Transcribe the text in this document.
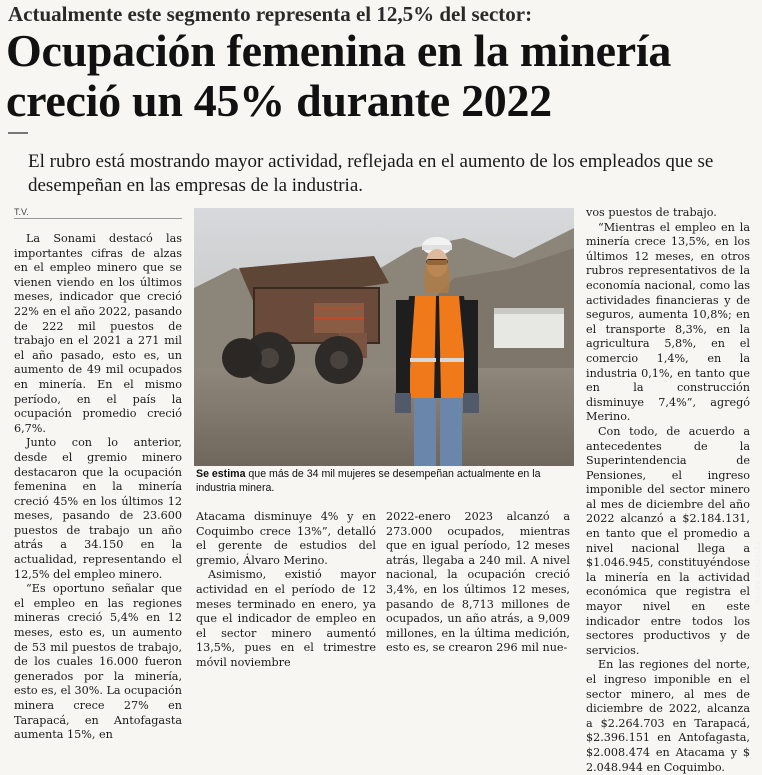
Actualmente este segmento representa el 12,5% del sector:
Ocupación femenina en la minería creció un 45% durante 2022

El rubro está mostrando mayor actividad, reflejada en el aumento de los empleados que se desempeñan en las empresas de la industria.

T.V.

La Sonami destacó las importantes cifras de alzas en el empleo minero que se vienen viendo en los últimos meses, indicador que creció 22% en el año 2022, pasando de 222 mil puestos de trabajo en el 2021 a 271 mil el año pasado, esto es, un aumento de 49 mil ocupados en minería. En el mismo período, en el país la ocupación promedio creció 6,7%.

Junto con lo anterior, desde el gremio minero destacaron que la ocupación femenina en la minería creció 45% en los últimos 12 meses, pasando de 23.600 puestos de trabajo un año atrás a 34.150 en la actualidad, representando el 12,5% del empleo minero.

“Es oportuno señalar que el empleo en las regiones mineras creció 5,4% en 12 meses, esto es, un aumento de 53 mil puestos de trabajo, de los cuales 16.000 fueron generados por la minería, esto es, el 30%. La ocupación minera crece 27% en Tarapacá, en Antofagasta aumenta 15%, en

FELIPE GONZÁLEZ

Se estima que más de 34 mil mujeres se desempeñan actualmente en la industria minera.

Atacama disminuye 4% y en Coquimbo crece 13%”, detalló el gerente de estudios del gremio, Álvaro Merino.

Asimismo, existió mayor actividad en el período de 12 meses terminado en enero, ya que el indicador de empleo en el sector minero aumentó 13,5%, pues en el trimestre móvil noviembre

2022-enero 2023 alcanzó a 273.000 ocupados, mientras que en igual período, 12 meses atrás, llegaba a 240 mil. A nivel nacional, la ocupación creció 3,4%, en los últimos 12 meses, pasando de 8,713 millones de ocupados, un año atrás, a 9,009 millones, en la última medición, esto es, se crearon 296 mil nue-

vos puestos de trabajo.

“Mientras el empleo en la minería crece 13,5%, en los últimos 12 meses, en otros rubros representativos de la economía nacional, como las actividades financieras y de seguros, aumenta 10,8%; en el transporte 8,3%, en la agricultura 5,8%, en el comercio 1,4%, en la industria 0,1%, en tanto que en la construcción disminuye 7,4%”, agregó Merino.

Con todo, de acuerdo a antecedentes de la Superintendencia de Pensiones, el ingreso imponible del sector minero al mes de diciembre del año 2022 alcanzó a $2.184.131, en tanto que el promedio a nivel nacional llega a $1.046.945, constituyéndose la minería en la actividad económica que registra el mayor nivel en este indicador entre todos los sectores productivos y de servicios.

En las regiones del norte, el ingreso imponible en el sector minero, al mes de diciembre de 2022, alcanza a $2.264.703 en Tarapacá, $2.396.151 en Antofagasta, $2.008.474 en Atacama y $ 2.048.944 en Coquimbo.
